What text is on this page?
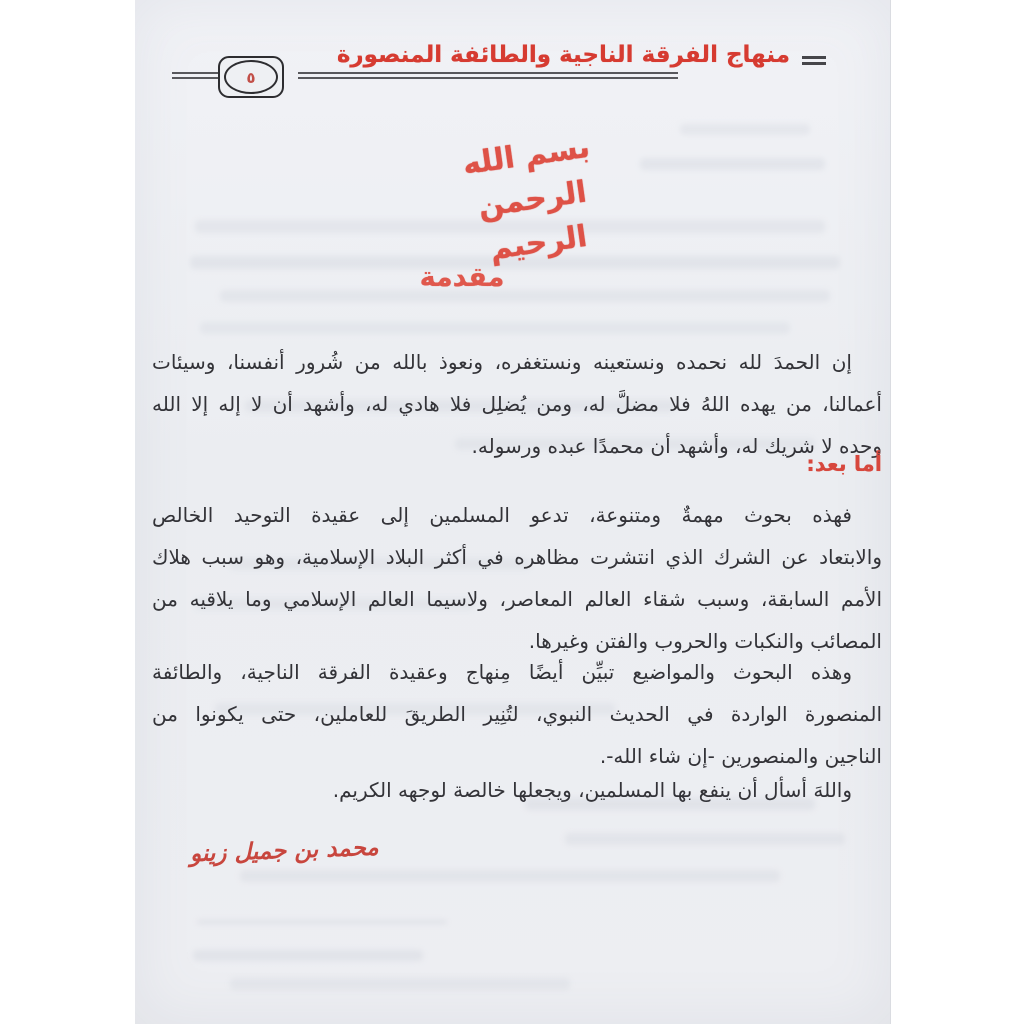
منهاج الفرقة الناجية والطائفة المنصورة
٥
بسم الله الرحمن الرحيم
مقدمة
إن الحمدَ لله نحمده ونستعينه ونستغفره، ونعوذ بالله من شُرور أنفسنا، وسيئات
أعمالنا، من يهده اللهُ فلا مضلَّ له، ومن يُضلِل فلا هادي له، وأشهد أن لا إله إلا الله
وحده لا شريك له، وأشهد أن محمدًا عبده ورسوله.
أما بعد:
فهذه بحوث مهمةٌ ومتنوعة، تدعو المسلمين إلى عقيدة التوحيد الخالص
والابتعاد عن الشرك الذي انتشرت مظاهره في أكثر البلاد الإسلامية، وهو سبب هلاك
الأمم السابقة، وسبب شقاء العالم المعاصر، ولاسيما العالم الإسلامي وما يلاقيه من
المصائب والنكبات والحروب والفتن وغيرها.
وهذه البحوث والمواضيع تبيِّن أيضًا مِنهاج وعقيدة الفرقة الناجية، والطائفة
المنصورة الواردة في الحديث النبوي، لتُنِير الطريقَ للعاملين، حتى يكونوا من
الناجين والمنصورين -إن شاء الله-.
واللهَ أسأل أن ينفع بها المسلمين، ويجعلها خالصة لوجهه الكريم.
محمد بن جميل زينو
